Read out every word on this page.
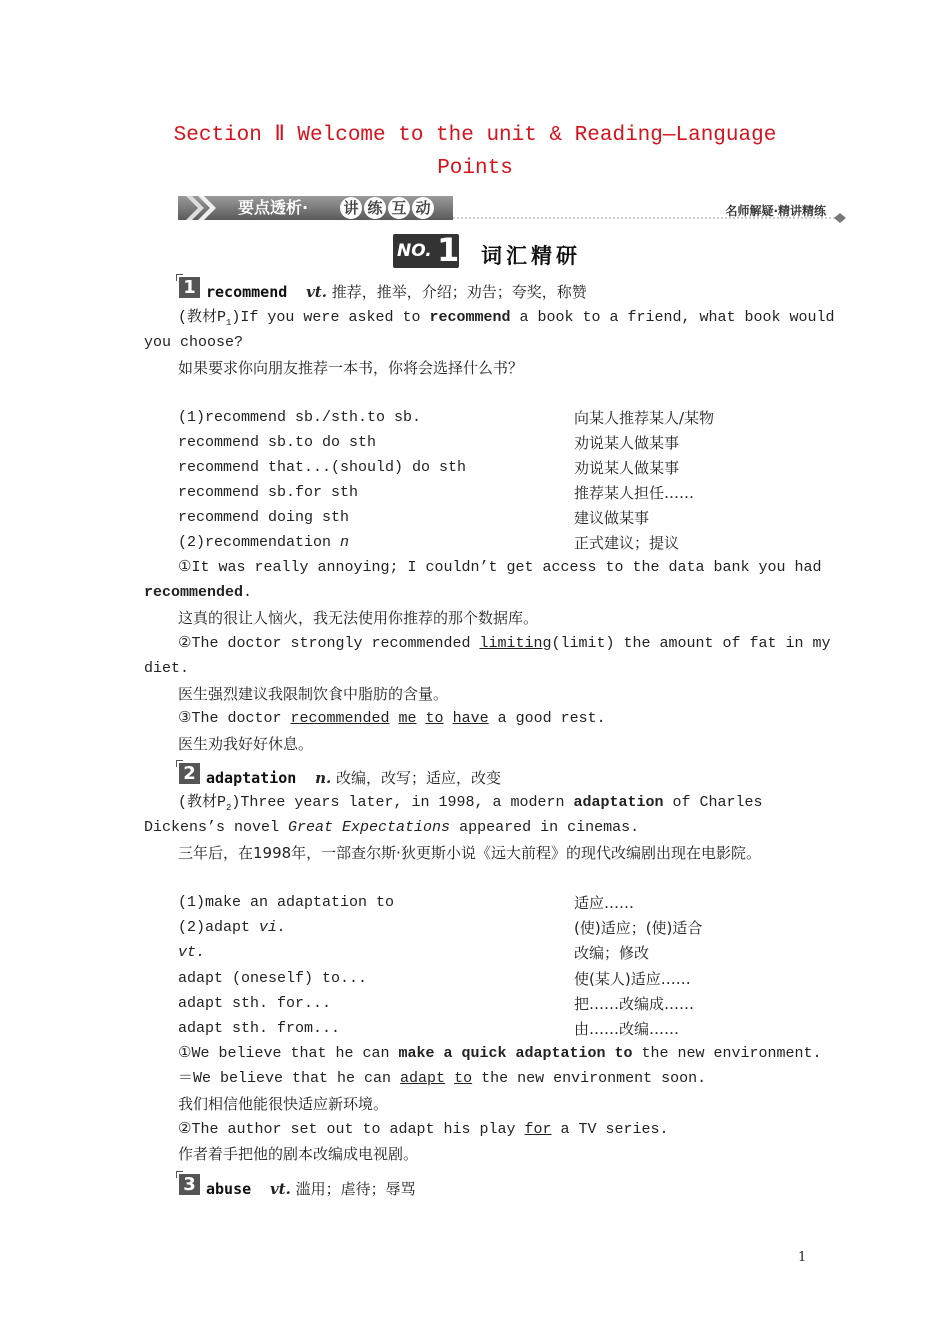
Section Ⅱ Welcome to the unit & Reading—Language
Points
要点透析· 讲 练 互 动	名师解疑·精讲精练
NO. 1 词汇精研
1 recommend vt. 推荐，推举，介绍；劝告；夸奖，称赞
(教材$P_1)If$ you were asked to recommend a book to a friend, what book would
you choose?
如果要求你向朋友推荐一本书，你将会选择什么书？
(1)recommend sb./sth.to sb.	向某人推荐某人/某物
recommend sb.to do sth	劝说某人做某事
recommend that...(should) do sth	劝说某人做某事
recommend sb.for sth	推荐某人担任……
recommend doing sth	建议做某事
(2)recommendation n	正式建议；提议
①It was really annoying; I couldn’t get access to the data bank you had
recommended.
这真的很让人恼火，我无法使用你推荐的那个数据库。
②The doctor strongly recommended limiting(limit) the amount of fat in my
diet.
医生强烈建议我限制饮食中脂肪的含量。
③The doctor recommended me to have a good rest.
医生劝我好好休息。
2 adaptation n. 改编，改写；适应，改变
(教材$P_2)Three$ years later, in 1998, a modern adaptation of Charles
Dickens’s novel Great Expectations appeared in cinemas.
三年后，在1998年，一部查尔斯·狄更斯小说《远大前程》的现代改编剧出现在电影院。
(1)make an adaptation to	适应……
(2)adapt vi.	(使)适应；(使)适合
vt.	改编；修改
adapt (oneself) to...	使(某人)适应……
adapt sth. for...	把……改编成……
adapt sth. from...	由……改编……
①We believe that he can make a quick adaptation to the new environment.
＝We believe that he can adapt to the new environment soon.
我们相信他能很快适应新环境。
②The author set out to adapt his play for a TV series.
作者着手把他的剧本改编成电视剧。
3 abuse vt. 滥用；虐待；辱骂
1
